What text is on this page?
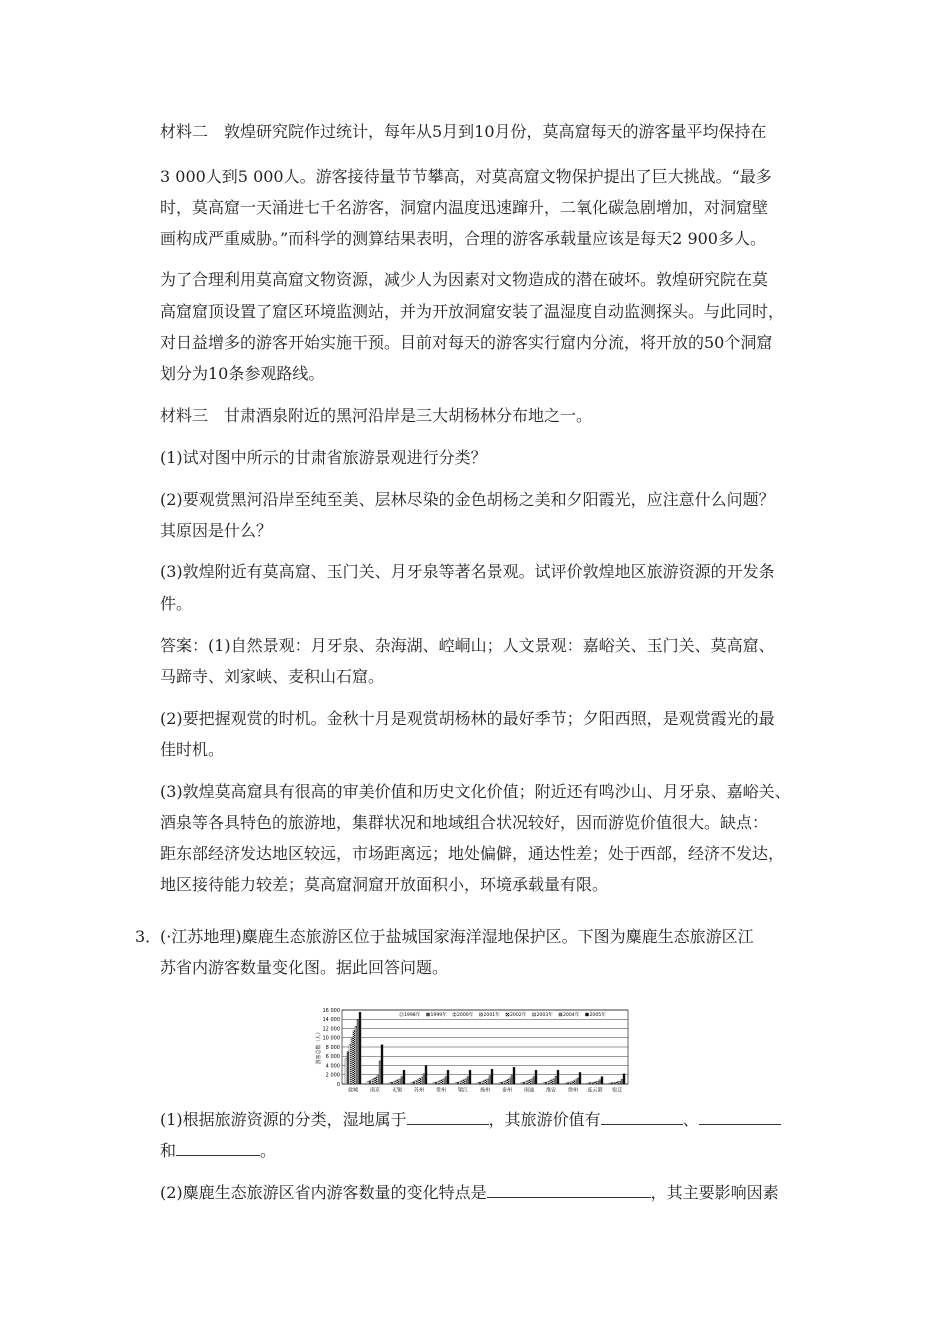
材料二　敦煌研究院作过统计，每年从5月到10月份，莫高窟每天的游客量平均保持在
3 000人到5 000人。游客接待量节节攀高，对莫高窟文物保护提出了巨大挑战。“最多
时，莫高窟一天涌进七千名游客，洞窟内温度迅速蹿升，二氧化碳急剧增加，对洞窟壁
画构成严重威胁。”而科学的测算结果表明，合理的游客承载量应该是每天2 900多人。
为了合理利用莫高窟文物资源，减少人为因素对文物造成的潜在破坏。敦煌研究院在莫
高窟窟顶设置了窟区环境监测站，并为开放洞窟安装了温湿度自动监测探头。与此同时，
对日益增多的游客开始实施干预。目前对每天的游客实行窟内分流，将开放的50个洞窟
划分为10条参观路线。
材料三　甘肃酒泉附近的黑河沿岸是三大胡杨林分布地之一。
(1)试对图中所示的甘肃省旅游景观进行分类？
(2)要观赏黑河沿岸至纯至美、层林尽染的金色胡杨之美和夕阳霞光，应注意什么问题？
其原因是什么？
(3)敦煌附近有莫高窟、玉门关、月牙泉等著名景观。试评价敦煌地区旅游资源的开发条
件。
答案：(1)自然景观：月牙泉、杂海湖、崆峒山；人文景观：嘉峪关、玉门关、莫高窟、
马蹄寺、刘家峡、麦积山石窟。
(2)要把握观赏的时机。金秋十月是观赏胡杨林的最好季节；夕阳西照，是观赏霞光的最
佳时机。
(3)敦煌莫高窟具有很高的审美价值和历史文化价值；附近还有鸣沙山、月牙泉、嘉峪关、
酒泉等各具特色的旅游地，集群状况和地域组合状况较好，因而游览价值很大。缺点：
距东部经济发达地区较远，市场距离远；地处偏僻，通达性差；处于西部，经济不发达，
地区接待能力较差；莫高窟洞窟开放面积小，环境承载量有限。
3．
(·江苏地理)麋鹿生态旅游区位于盐城国家海洋湿地保护区。下图为麋鹿生态旅游区江
苏省内游客数量变化图。据此回答问题。
0
2 000
4 000
6 000
8 000
10 000
12 000
14 000
16 000
游客总数（人）
盐城 南京 无锡 苏州 常州 镇江 扬州 泰州 南通 淮安 徐州 连云港 宿迁
1998年 1999年 2000年 2001年 2002年 2003年 2004年 2005年
(1)根据旅游资源的分类，湿地属于	，其旅游价值有	、
和	。
(2)麋鹿生态旅游区省内游客数量的变化特点是	，其主要影响因素
